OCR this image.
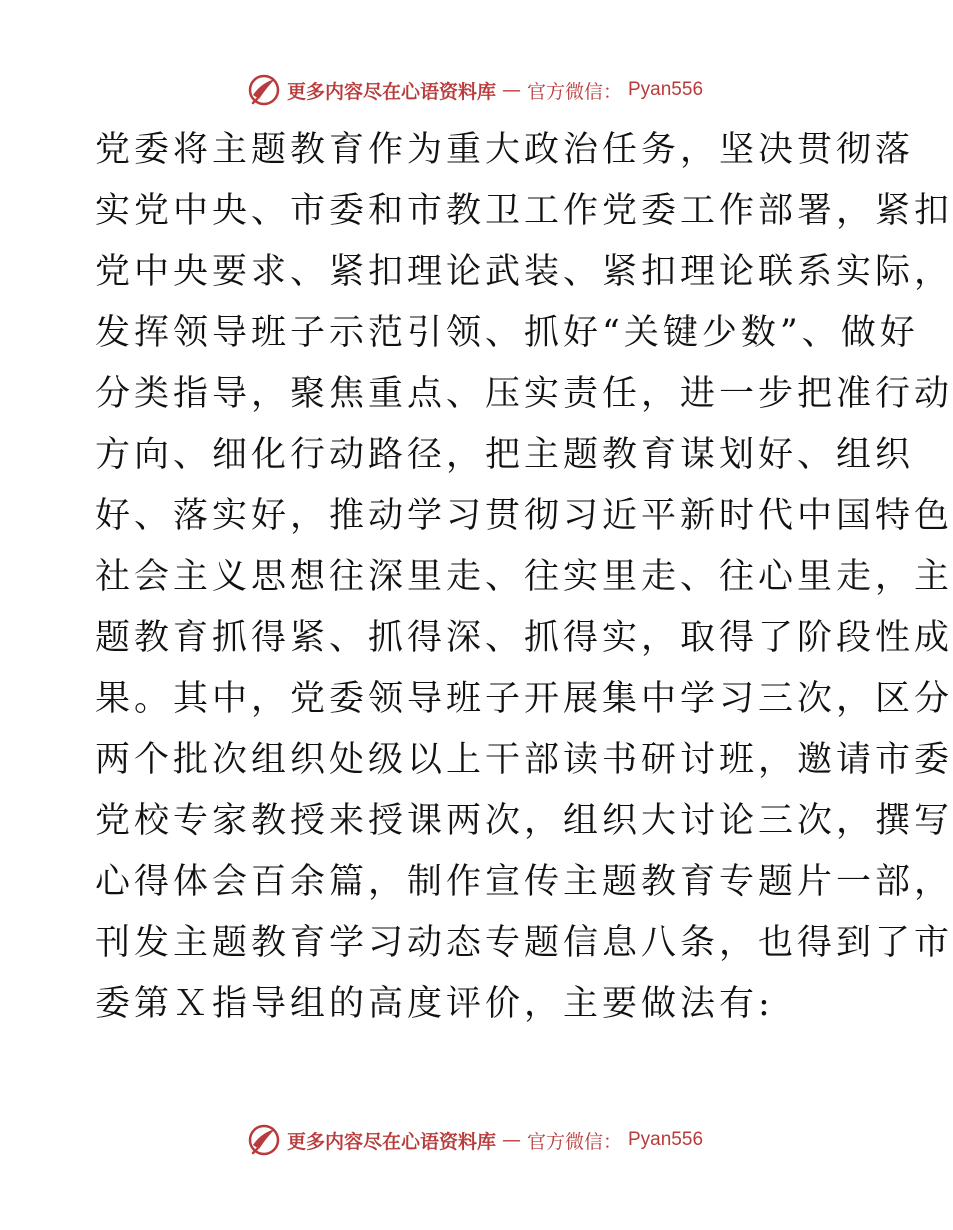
更多内容尽在心语资料库 — 官方微信： Pyan556
党委将主题教育作为重大政治任务，坚决贯彻落
实党中央、市委和市教卫工作党委工作部署，紧扣
党中央要求、紧扣理论武装、紧扣理论联系实际，
发挥领导班子示范引领、抓好“关键少数”、做好
分类指导，聚焦重点、压实责任，进一步把准行动
方向、细化行动路径，把主题教育谋划好、组织
好、落实好，推动学习贯彻习近平新时代中国特色
社会主义思想往深里走、往实里走、往心里走，主
题教育抓得紧、抓得深、抓得实，取得了阶段性成
果。其中，党委领导班子开展集中学习三次，区分
两个批次组织处级以上干部读书研讨班，邀请市委
党校专家教授来授课两次，组织大讨论三次，撰写
心得体会百余篇，制作宣传主题教育专题片一部，
刊发主题教育学习动态专题信息八条，也得到了市
委第Ｘ指导组的高度评价，主要做法有:
更多内容尽在心语资料库 — 官方微信： Pyan556
